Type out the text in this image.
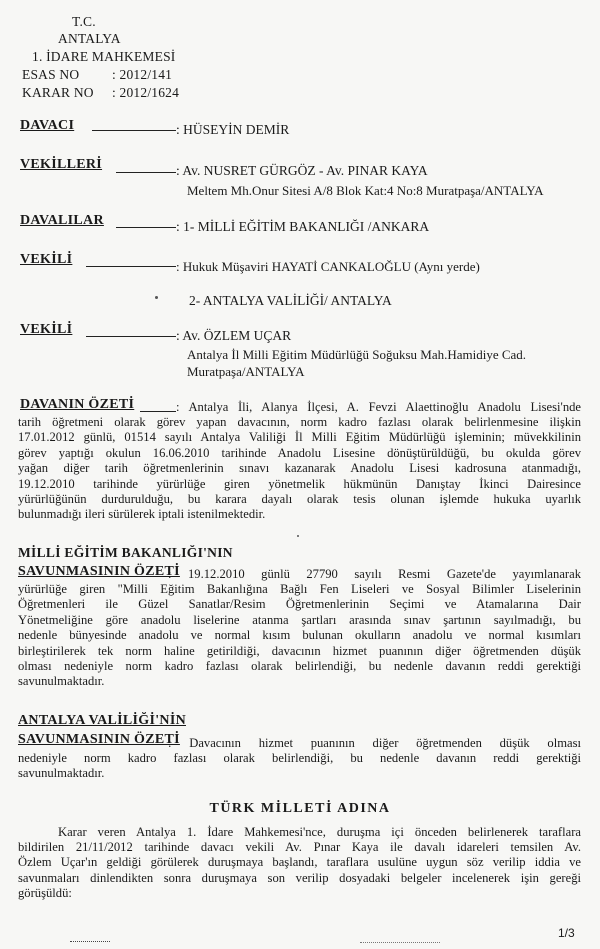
T.C.
ANTALYA
1. İDARE MAHKEMESİ
ESAS NO : 2012/141
KARAR NO : 2012/1624
DAVACI	: HÜSEYİN DEMİR
VEKİLLERİ	: Av. NUSRET GÜRGÖZ - Av. PINAR KAYA
Meltem Mh.Onur Sitesi A/8 Blok Kat:4 No:8 Muratpaşa/ANTALYA
DAVALILAR	: 1- MİLLİ EĞİTİM BAKANLIĞI /ANKARA
VEKİLİ	: Hukuk Müşaviri HAYATİ CANKALOĞLU (Aynı yerde)
2- ANTALYA VALİLİĞİ/ ANTALYA
VEKİLİ	: Av. ÖZLEM UÇAR
Antalya İl Milli Eğitim Müdürlüğü Soğuksu Mah.Hamidiye Cad.
Muratpaşa/ANTALYA
DAVANIN ÖZETİ	: Antalya İli, Alanya İlçesi, A. Fevzi Alaettinoğlu Anadolu Lisesi'nde
tarih öğretmeni olarak görev yapan davacının, norm kadro fazlası olarak belirlenmesine ilişkin
17.01.2012 günlü, 01514 sayılı Antalya Valiliği İl Milli Eğitim Müdürlüğü işleminin; müvekkilinin
görev yaptığı okulun 16.06.2010 tarihinde Anadolu Lisesine dönüştürüldüğü, bu okulda görev
yağan diğer tarih öğretmenlerinin sınavı kazanarak Anadolu Lisesi kadrosuna atanmadığı,
19.12.2010 tarihinde yürürlüğe giren yönetmelik hükmünün Danıştay İkinci Dairesince
yürürlüğünün durdurulduğu, bu karara dayalı olarak tesis olunan işlemde hukuka uyarlık
bulunmadığı ileri sürülerek iptali istenilmektedir.
MİLLİ EĞİTİM BAKANLIĞI'NIN
SAVUNMASININ ÖZETİ
: 19.12.2010 günlü 27790 sayılı Resmi Gazete'de yayımlanarak
yürürlüğe giren "Milli Eğitim Bakanlığına Bağlı Fen Liseleri ve Sosyal Bilimler Liselerinin
Öğretmenleri ile Güzel Sanatlar/Resim Öğretmenlerinin Seçimi ve Atamalarına Dair
Yönetmeliğine göre anadolu liselerine atanma şartları arasında sınav şartının sayılmadığı, bu
nedenle bünyesinde anadolu ve normal kısım bulunan okulların anadolu ve normal kısımları
birleştirilerek tek norm haline getirildiği, davacının hizmet puanının diğer öğretmenden düşük
olması nedeniyle norm kadro fazlası olarak belirlendiği, bu nedenle davanın reddi gerektiği
savunulmaktadır.
ANTALYA VALİLİĞİ'NİN
SAVUNMASININ ÖZETİ
: Davacının hizmet puanının diğer öğretmenden düşük olması
nedeniyle norm kadro fazlası olarak belirlendiği, bu nedenle davanın reddi gerektiği
savunulmaktadır.
TÜRK MİLLETİ ADINA
Karar veren Antalya 1. İdare Mahkemesi'nce, duruşma içi önceden belirlenerek taraflara
bildirilen 21/11/2012 tarihinde davacı vekili Av. Pınar Kaya ile davalı idareleri temsilen Av.
Özlem Uçar'ın geldiği görülerek duruşmaya başlandı, taraflara usulüne uygun söz verilip iddia ve
savunmaları dinlendikten sonra duruşmaya son verilip dosyadaki belgeler incelenerek işin gereği
görüşüldü:
1/3
